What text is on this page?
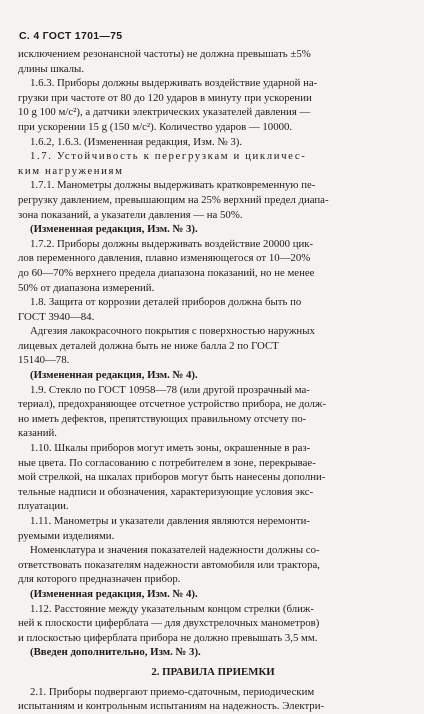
С. 4 ГОСТ 1701—75
исключением резонансной частоты) не должна превышать ±5%
длины шкалы.
1.6.3. Приборы должны выдерживать воздействие ударной на-
грузки при частоте от 80 до 120 ударов в минуту при ускорении
10 g 100 м/с²), а датчики электрических указателей давления —
при ускорении 15 g (150 м/с²). Количество ударов — 10000.
1.6.2, 1.6.3. (Измененная редакция, Изм. № 3).
1.7. Устойчивость к перегрузкам и цикличес-
ким нагружениям
1.7.1. Манометры должны выдерживать кратковременную пе-
регрузку давлением, превышающим на 25% верхний предел диапа-
зона показаний, а указатели давления — на 50%.
(Измененная редакция, Изм. № 3).
1.7.2. Приборы должны выдерживать воздействие 20000 цик-
лов переменного давления, плавно изменяющегося от 10—20%
до 60—70% верхнего предела диапазона показаний, но не менее
50% от диапазона измерений.
1.8. Защита от коррозии деталей приборов должна быть по
ГОСТ 3940—84.
Адгезия лакокрасочного покрытия с поверхностью наружных
лицевых деталей должна быть не ниже балла 2 по ГОСТ
15140—78.
(Измененная редакция, Изм. № 4).
1.9. Стекло по ГОСТ 10958—78 (или другой прозрачный ма-
териал), предохраняющее отсчетное устройство прибора, не долж-
но иметь дефектов, препятствующих правильному отсчету по-
казаний.
1.10. Шкалы приборов могут иметь зоны, окрашенные в раз-
ные цвета. По согласованию с потребителем в зоне, перекрывае-
мой стрелкой, на шкалах приборов могут быть нанесены дополни-
тельные надписи и обозначения, характеризующие условия экс-
плуатации.
1.11. Манометры и указатели давления являются неремонти-
руемыми изделиями.
Номенклатура и значения показателей надежности должны со-
ответствовать показателям надежности автомобиля или трактора,
для которого предназначен прибор.
(Измененная редакция, Изм. № 4).
1.12. Расстояние между указательным концом стрелки (ближ-
ней к плоскости циферблата — для двухстрелочных манометров)
и плоскостью циферблата прибора не должно превышать 3,5 мм.
(Введен дополнительно, Изм. № 3).
2. ПРАВИЛА ПРИЕМКИ
2.1. Приборы подвергают приемо-сдаточным, периодическим
испытаниям и контрольным испытаниям на надежность. Электри-
